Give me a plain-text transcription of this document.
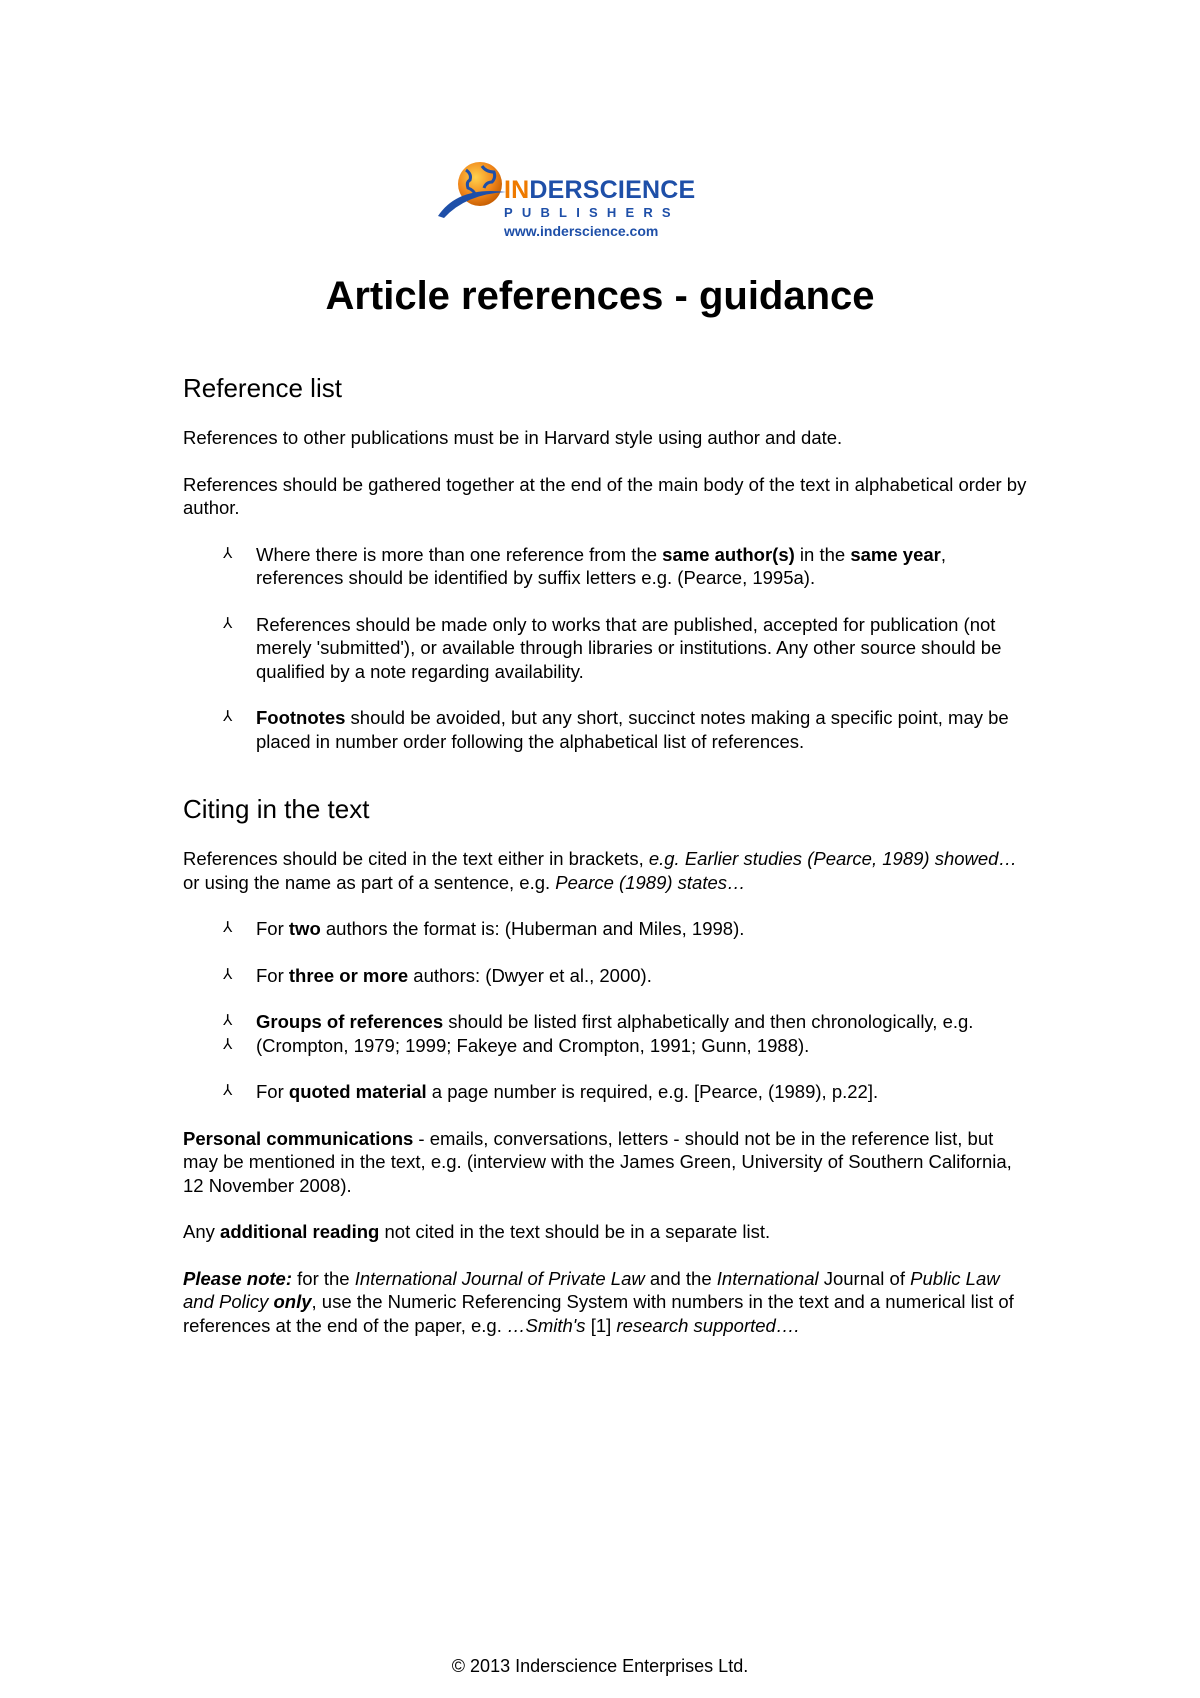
INDERSCIENCE
PUBLISHERS
www.inderscience.com
Article references - guidance
Reference list

References to other publications must be in Harvard style using author and date.

References should be gathered together at the end of the main body of the text in alphabetical order by author.

⅄ Where there is more than one reference from the same author(s) in the same year, references should be identified by suffix letters e.g. (Pearce, 1995a).
⅄ References should be made only to works that are published, accepted for publication (not merely 'submitted'), or available through libraries or institutions. Any other source should be qualified by a note regarding availability.
⅄ Footnotes should be avoided, but any short, succinct notes making a specific point, may be placed in number order following the alphabetical list of references.
Citing in the text

References should be cited in the text either in brackets, e.g. Earlier studies (Pearce, 1989) showed…
or using the name as part of a sentence, e.g. Pearce (1989) states…

⅄ For two authors the format is: (Huberman and Miles, 1998).
⅄ For three or more authors: (Dwyer et al., 2000).
⅄ Groups of references should be listed first alphabetically and then chronologically, e.g.
⅄ (Crompton, 1979; 1999; Fakeye and Crompton, 1991; Gunn, 1988).
⅄ For quoted material a page number is required, e.g. [Pearce, (1989), p.22].

Personal communications - emails, conversations, letters - should not be in the reference list, but may be mentioned in the text, e.g. (interview with the James Green, University of Southern California, 12 November 2008).

Any additional reading not cited in the text should be in a separate list.

Please note: for the International Journal of Private Law and the International Journal of Public Law and Policy only, use the Numeric Referencing System with numbers in the text and a numerical list of references at the end of the paper, e.g. …Smith's [1] research supported….

© 2013 Inderscience Enterprises Ltd.
